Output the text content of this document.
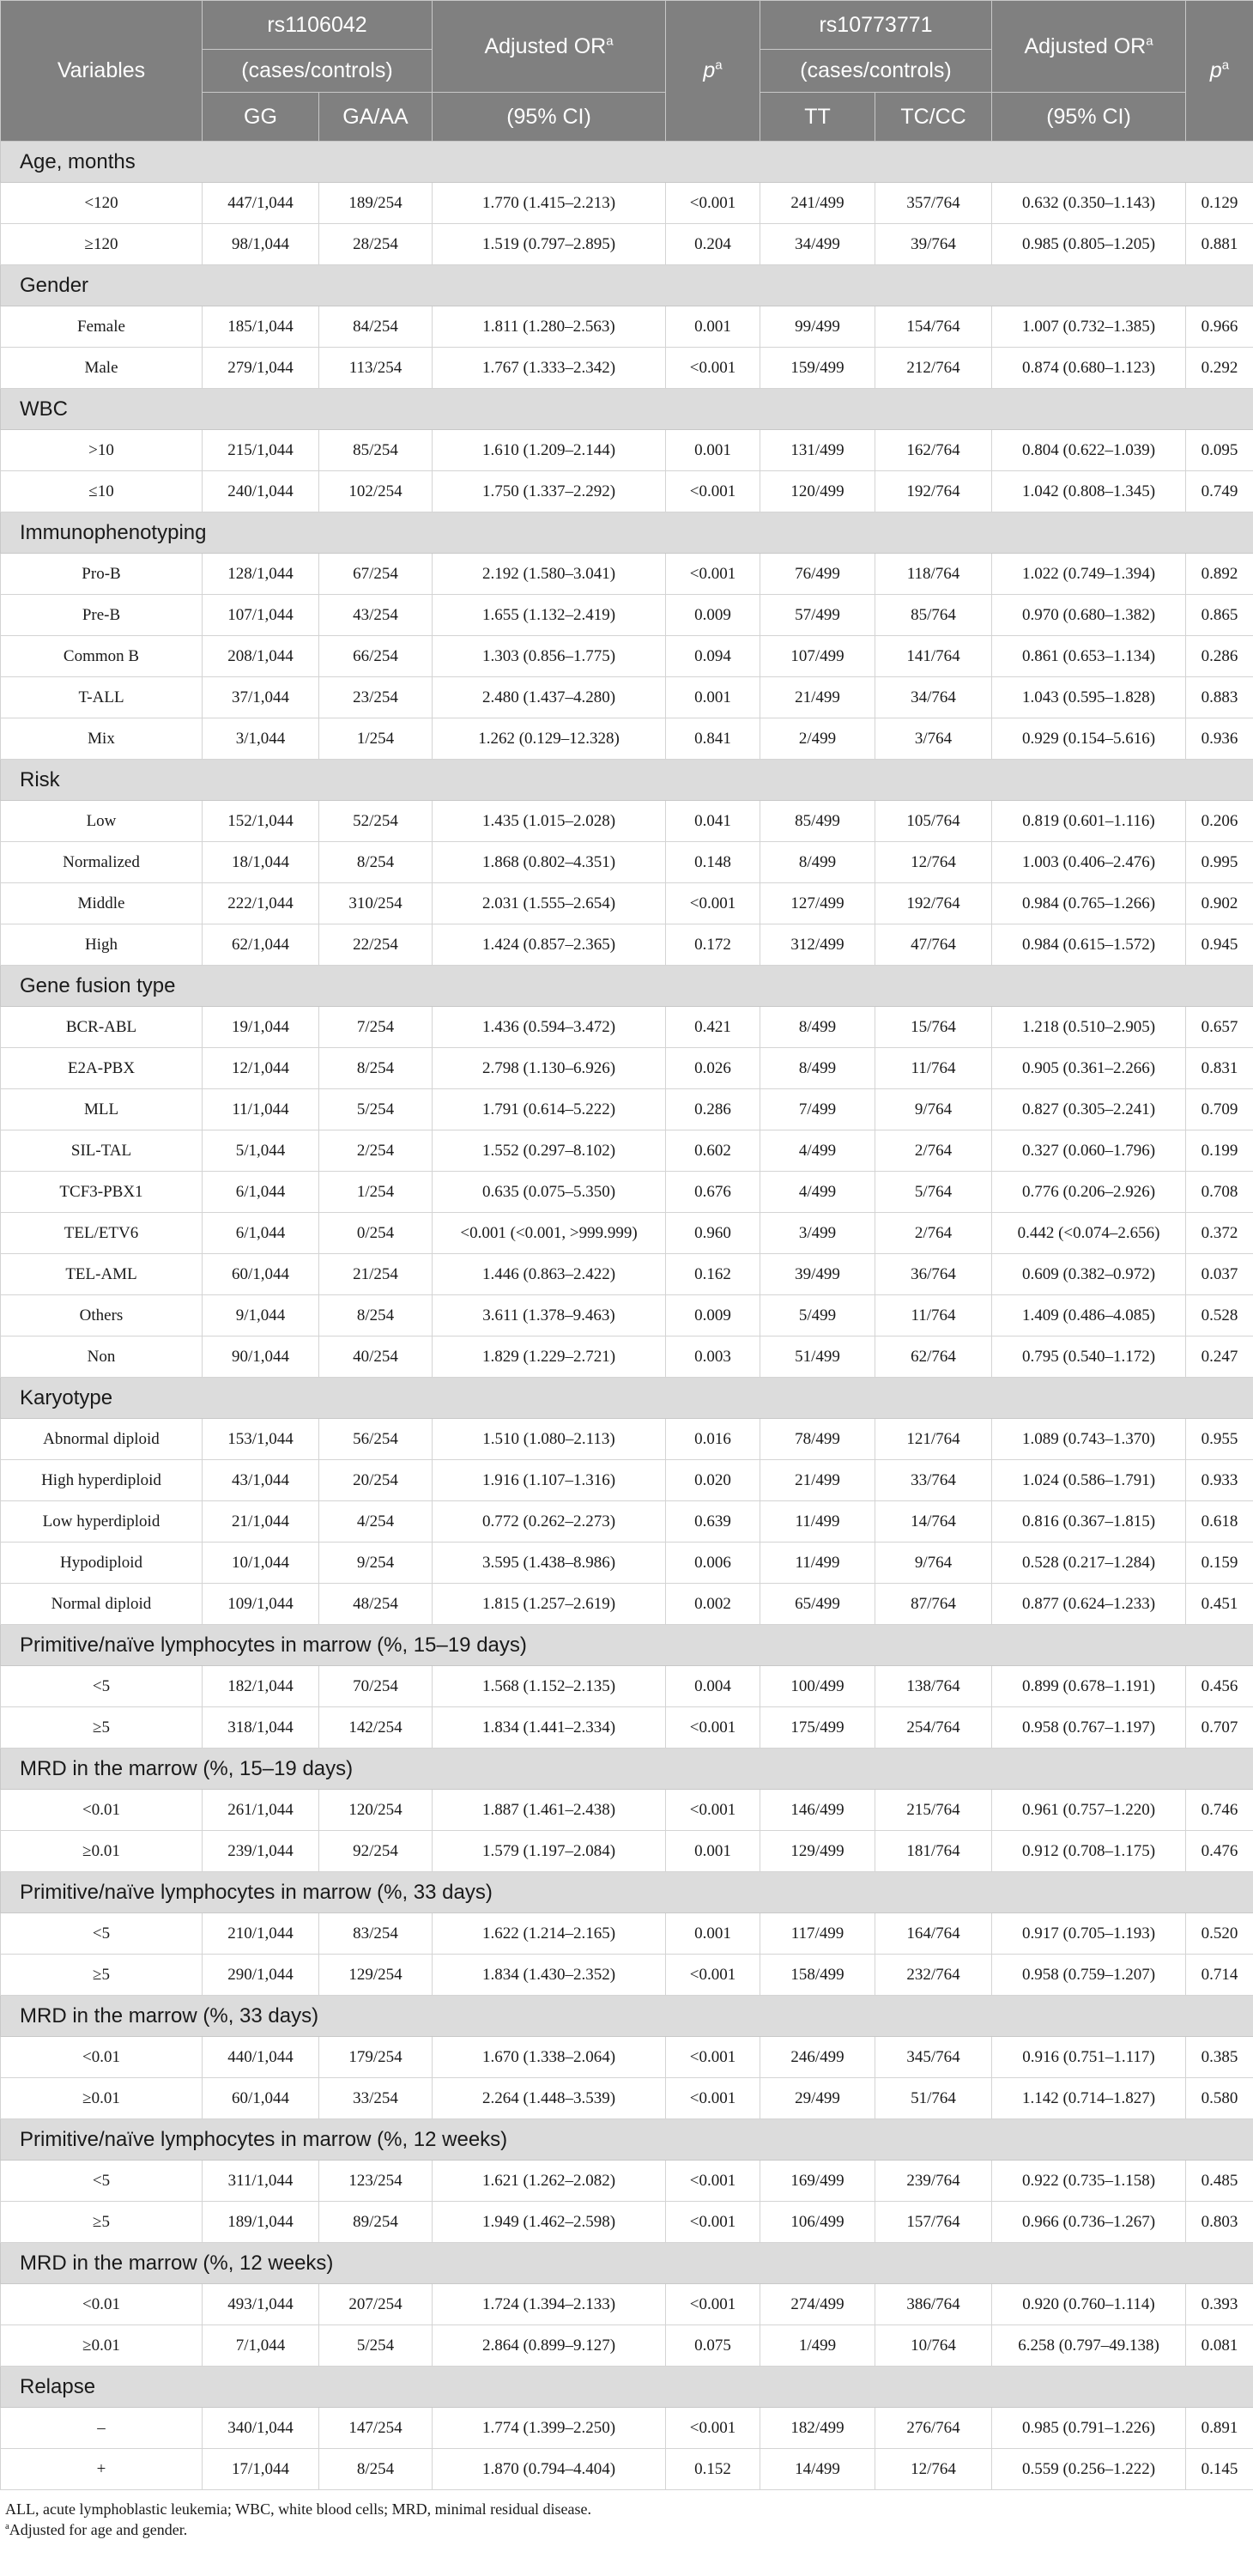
Variables	rs1106042		Adjusted $OR^a$	$p^a$	rs10773771		Adjusted $OR^a$	$p^a$
	(cases/controls)				(cases/controls)			
	GG	GA/AA	(95% CI)		TT	TC/CC	(95% CI)	
Age, months								
<120	447/1,044	189/254	1.770 (1.415–2.213)	<0.001	241/499	357/764	0.632 (0.350–1.143)	0.129
≥120	98/1,044	28/254	1.519 (0.797–2.895)	0.204	34/499	39/764	0.985 (0.805–1.205)	0.881
Gender								
Female	185/1,044	84/254	1.811 (1.280–2.563)	0.001	99/499	154/764	1.007 (0.732–1.385)	0.966
Male	279/1,044	113/254	1.767 (1.333–2.342)	<0.001	159/499	212/764	0.874 (0.680–1.123)	0.292
WBC								
>10	215/1,044	85/254	1.610 (1.209–2.144)	0.001	131/499	162/764	0.804 (0.622–1.039)	0.095
≤10	240/1,044	102/254	1.750 (1.337–2.292)	<0.001	120/499	192/764	1.042 (0.808–1.345)	0.749
Immunophenotyping								
Pro-B	128/1,044	67/254	2.192 (1.580–3.041)	<0.001	76/499	118/764	1.022 (0.749–1.394)	0.892
Pre-B	107/1,044	43/254	1.655 (1.132–2.419)	0.009	57/499	85/764	0.970 (0.680–1.382)	0.865
Common B	208/1,044	66/254	1.303 (0.856–1.775)	0.094	107/499	141/764	0.861 (0.653–1.134)	0.286
T-ALL	37/1,044	23/254	2.480 (1.437–4.280)	0.001	21/499	34/764	1.043 (0.595–1.828)	0.883
Mix	3/1,044	1/254	1.262 (0.129–12.328)	0.841	2/499	3/764	0.929 (0.154–5.616)	0.936
Risk								
Low	152/1,044	52/254	1.435 (1.015–2.028)	0.041	85/499	105/764	0.819 (0.601–1.116)	0.206
Normalized	18/1,044	8/254	1.868 (0.802–4.351)	0.148	8/499	12/764	1.003 (0.406–2.476)	0.995
Middle	222/1,044	310/254	2.031 (1.555–2.654)	<0.001	127/499	192/764	0.984 (0.765–1.266)	0.902
High	62/1,044	22/254	1.424 (0.857–2.365)	0.172	312/499	47/764	0.984 (0.615–1.572)	0.945
Gene fusion type								
BCR-ABL	19/1,044	7/254	1.436 (0.594–3.472)	0.421	8/499	15/764	1.218 (0.510–2.905)	0.657
E2A-PBX	12/1,044	8/254	2.798 (1.130–6.926)	0.026	8/499	11/764	0.905 (0.361–2.266)	0.831
MLL	11/1,044	5/254	1.791 (0.614–5.222)	0.286	7/499	9/764	0.827 (0.305–2.241)	0.709
SIL-TAL	5/1,044	2/254	1.552 (0.297–8.102)	0.602	4/499	2/764	0.327 (0.060–1.796)	0.199
TCF3-PBX1	6/1,044	1/254	0.635 (0.075–5.350)	0.676	4/499	5/764	0.776 (0.206–2.926)	0.708
TEL/ETV6	6/1,044	0/254	<0.001 (<0.001, >999.999)	0.960	3/499	2/764	0.442 (<0.074–2.656)	0.372
TEL-AML	60/1,044	21/254	1.446 (0.863–2.422)	0.162	39/499	36/764	0.609 (0.382–0.972)	0.037
Others	9/1,044	8/254	3.611 (1.378–9.463)	0.009	5/499	11/764	1.409 (0.486–4.085)	0.528
Non	90/1,044	40/254	1.829 (1.229–2.721)	0.003	51/499	62/764	0.795 (0.540–1.172)	0.247
Karyotype								
Abnormal diploid	153/1,044	56/254	1.510 (1.080–2.113)	0.016	78/499	121/764	1.089 (0.743–1.370)	0.955
High hyperdiploid	43/1,044	20/254	1.916 (1.107–1.316)	0.020	21/499	33/764	1.024 (0.586–1.791)	0.933
Low hyperdiploid	21/1,044	4/254	0.772 (0.262–2.273)	0.639	11/499	14/764	0.816 (0.367–1.815)	0.618
Hypodiploid	10/1,044	9/254	3.595 (1.438–8.986)	0.006	11/499	9/764	0.528 (0.217–1.284)	0.159
Normal diploid	109/1,044	48/254	1.815 (1.257–2.619)	0.002	65/499	87/764	0.877 (0.624–1.233)	0.451
Primitive/naïve lymphocytes in marrow (%, 15–19 days)								
<5	182/1,044	70/254	1.568 (1.152–2.135)	0.004	100/499	138/764	0.899 (0.678–1.191)	0.456
≥5	318/1,044	142/254	1.834 (1.441–2.334)	<0.001	175/499	254/764	0.958 (0.767–1.197)	0.707
MRD in the marrow (%, 15–19 days)								
<0.01	261/1,044	120/254	1.887 (1.461–2.438)	<0.001	146/499	215/764	0.961 (0.757–1.220)	0.746
≥0.01	239/1,044	92/254	1.579 (1.197–2.084)	0.001	129/499	181/764	0.912 (0.708–1.175)	0.476
Primitive/naïve lymphocytes in marrow (%, 33 days)								
<5	210/1,044	83/254	1.622 (1.214–2.165)	0.001	117/499	164/764	0.917 (0.705–1.193)	0.520
≥5	290/1,044	129/254	1.834 (1.430–2.352)	<0.001	158/499	232/764	0.958 (0.759–1.207)	0.714
MRD in the marrow (%, 33 days)								
<0.01	440/1,044	179/254	1.670 (1.338–2.064)	<0.001	246/499	345/764	0.916 (0.751–1.117)	0.385
≥0.01	60/1,044	33/254	2.264 (1.448–3.539)	<0.001	29/499	51/764	1.142 (0.714–1.827)	0.580
Primitive/naïve lymphocytes in marrow (%, 12 weeks)								
<5	311/1,044	123/254	1.621 (1.262–2.082)	<0.001	169/499	239/764	0.922 (0.735–1.158)	0.485
≥5	189/1,044	89/254	1.949 (1.462–2.598)	<0.001	106/499	157/764	0.966 (0.736–1.267)	0.803
MRD in the marrow (%, 12 weeks)								
<0.01	493/1,044	207/254	1.724 (1.394–2.133)	<0.001	274/499	386/764	0.920 (0.760–1.114)	0.393
≥0.01	7/1,044	5/254	2.864 (0.899–9.127)	0.075	1/499	10/764	6.258 (0.797–49.138)	0.081
Relapse								
–	340/1,044	147/254	1.774 (1.399–2.250)	<0.001	182/499	276/764	0.985 (0.791–1.226)	0.891
+	17/1,044	8/254	1.870 (0.794–4.404)	0.152	14/499	12/764	0.559 (0.256–1.222)	0.145
ALL, acute lymphoblastic leukemia; WBC, white blood cells; MRD, minimal residual disease.
$^a$Adjusted for age and gender.
